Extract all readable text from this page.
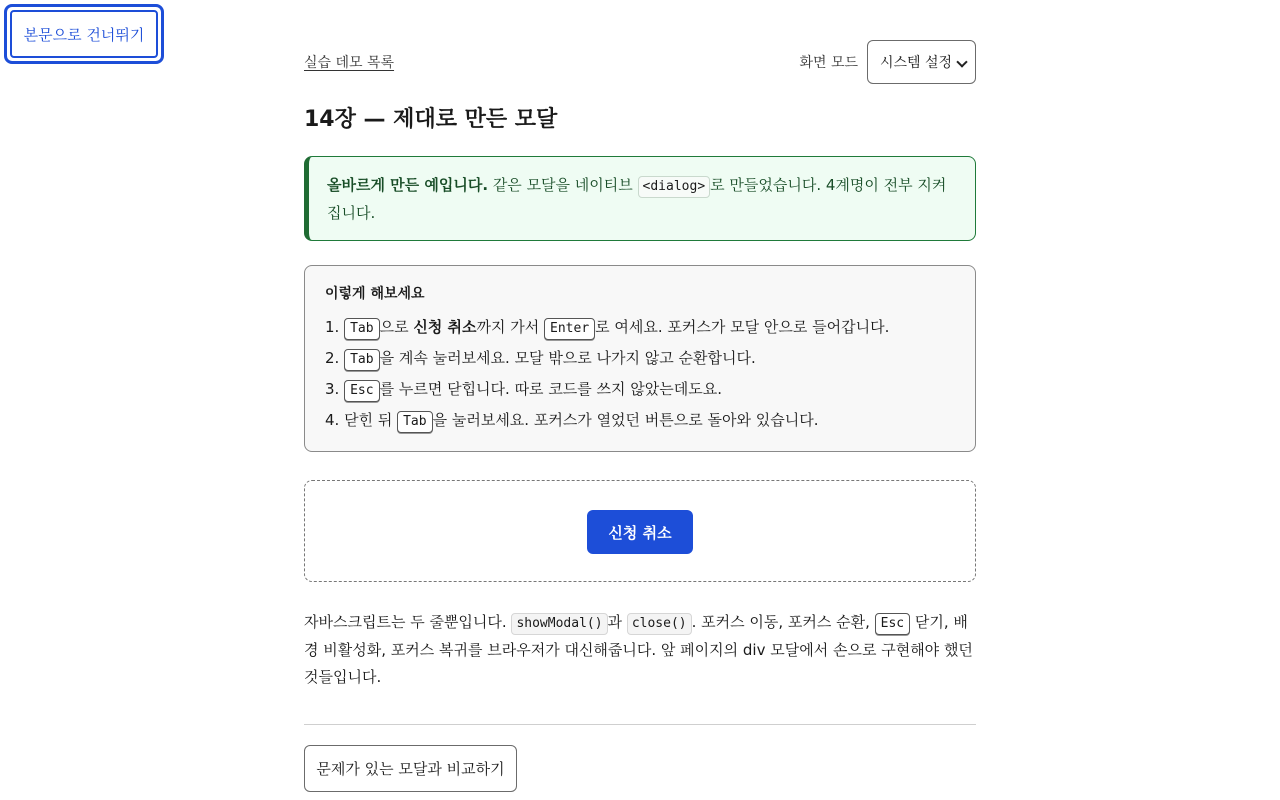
본문으로 건너뛰기
실습 데모 목록	화면 모드 시스템 설정
14장 — 제대로 만든 모달
올바르게 만든 예입니다. 같은 모달을 네이티브 <dialog> 로 만들었습니다. 4계명이 전부 지켜집니다.

이렇게 해보세요

1. Tab 으로 신청 취소까지 가서 Enter 로 여세요. 포커스가 모달 안으로 들어갑니다.
2. Tab 을 계속 눌러보세요. 모달 밖으로 나가지 않고 순환합니다.
3. Esc 를 누르면 닫힙니다. 따로 코드를 쓰지 않았는데도요.
4. 닫힌 뒤 Tab 을 눌러보세요. 포커스가 열었던 버튼으로 돌아와 있습니다.
신청 취소

자바스크립트는 두 줄뿐입니다. showModal() 과 close() . 포커스 이동, 포커스 순환, Esc 닫기, 배경 비활성화, 포커스 복귀를 브라우저가 대신해줍니다. 앞 페이지의 div 모달에서 손으로 구현해야 했던 것들입니다.

문제가 있는 모달과 비교하기
